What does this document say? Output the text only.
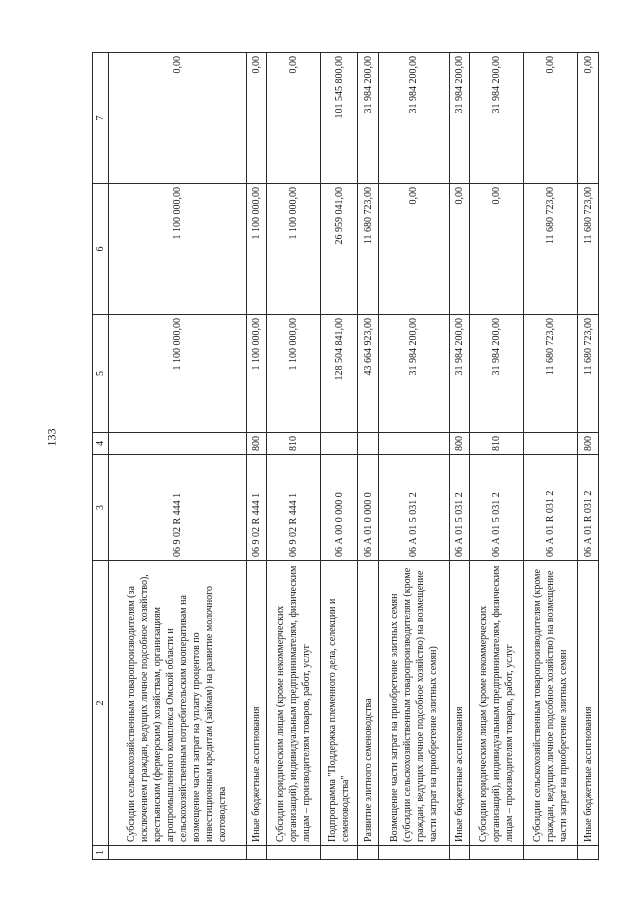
133
1	2	3	4	5	6	7
	Субсидии сельскохозяйственным товаропроизводителям (за исключением граждан, ведущих личное подсобное хозяйство), крестьянским (фермерским) хозяйствам, организациям агропромышленного комплекса Омской области и сельскохозяйственным потребительским кооперативам на возмещение части затрат на уплату процентов по инвестиционным кредитам (займам) на развитие молочного скотоводства	06 9 02 R 444 1		1 100 000,00	1 100 000,00	0,00
	Иные бюджетные ассигнования	06 9 02 R 444 1	800	1 100 000,00	1 100 000,00	0,00
	Субсидии юридическим лицам (кроме некоммерческих организаций), индивидуальным предпринимателям, физическим лицам – производителям товаров, работ, услуг	06 9 02 R 444 1	810	1 100 000,00	1 100 000,00	0,00
	Подпрограмма "Поддержка племенного дела, селекции и семеноводства"	06 А 00 0 000 0		128 504 841,00	26 959 041,00	101 545 800,00
	Развитие элитного семеноводства	06 А 01 0 000 0		43 664 923,00	11 680 723,00	31 984 200,00
	Возмещение части затрат на приобретение элитных семян (субсидии сельскохозяйственным товаропроизводителям (кроме граждан, ведущих личное подсобное хозяйство) на возмещение части затрат на приобретение элитных семян)	06 А 01 5 031 2		31 984 200,00	0,00	31 984 200,00
	Иные бюджетные ассигнования	06 А 01 5 031 2	800	31 984 200,00	0,00	31 984 200,00
	Субсидии юридическим лицам (кроме некоммерческих организаций), индивидуальным предпринимателям, физическим лицам – производителям товаров, работ, услуг	06 А 01 5 031 2	810	31 984 200,00	0,00	31 984 200,00
	Субсидии сельскохозяйственным товаропроизводителям (кроме граждан, ведущих личное подсобное хозяйство) на возмещение части затрат на приобретение элитных семян	06 А 01 R 031 2		11 680 723,00	11 680 723,00	0,00
	Иные бюджетные ассигнования	06 А 01 R 031 2	800	11 680 723,00	11 680 723,00	0,00
